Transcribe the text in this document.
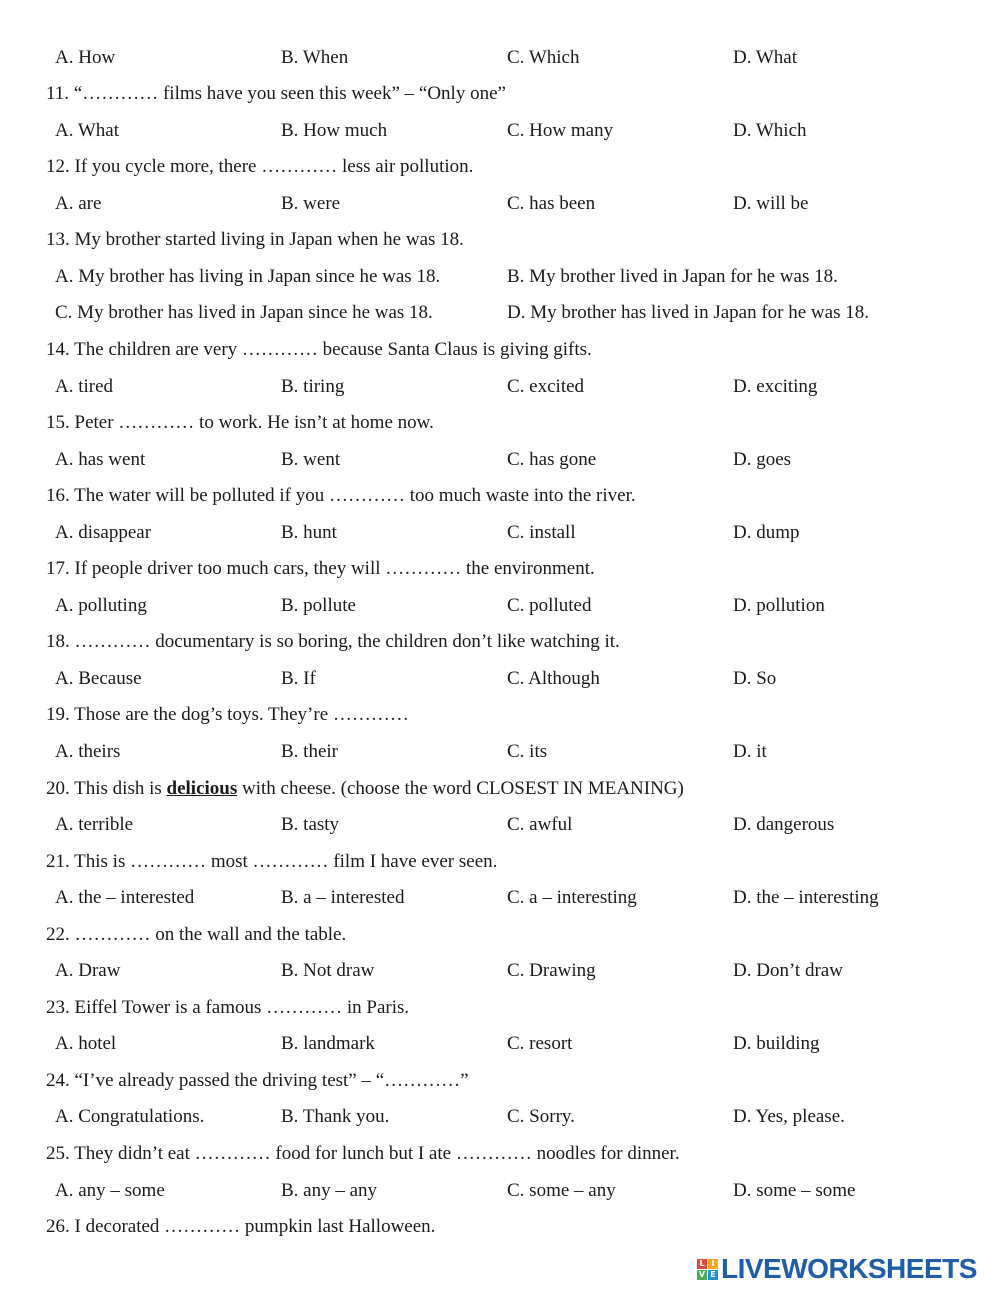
A. How	B. When	C. Which	D. What
11. “………… films have you seen this week” – “Only one”
A. What	B. How much	C. How many	D. Which
12. If you cycle more, there ………… less air pollution.
A. are	B. were	C. has been	D. will be
13. My brother started living in Japan when he was 18.
A. My brother has living in Japan since he was 18.	B. My brother lived in Japan for he was 18.
C. My brother has lived in Japan since he was 18.	D. My brother has lived in Japan for he was 18.
14. The children are very ………… because Santa Claus is giving gifts.
A. tired	B. tiring	C. excited	D. exciting
15. Peter ………… to work. He isn’t at home now.
A. has went	B. went	C. has gone	D. goes
16. The water will be polluted if you ………… too much waste into the river.
A. disappear	B. hunt	C. install	D. dump
17. If people driver too much cars, they will ………… the environment.
A. polluting	B. pollute	C. polluted	D. pollution
18. ………… documentary is so boring, the children don’t like watching it.
A. Because	B. If	C. Although	D. So
19. Those are the dog’s toys. They’re …………
A. theirs	B. their	C. its	D. it
20. This dish is delicious with cheese. (choose the word CLOSEST IN MEANING)
A. terrible	B. tasty	C. awful	D. dangerous
21. This is ………… most ………… film I have ever seen.
A. the – interested	B. a – interested	C. a – interesting	D. the – interesting
22. ………… on the wall and the table.
A. Draw	B. Not draw	C. Drawing	D. Don’t draw
23. Eiffel Tower is a famous ………… in Paris.
A. hotel	B. landmark	C. resort	D. building
24. “I’ve already passed the driving test” – “…………”
A. Congratulations.	B. Thank you.	C. Sorry.	D. Yes, please.
25. They didn’t eat ………… food for lunch but I ate ………… noodles for dinner.
A. any – some	B. any – any	C. some – any	D. some – some
26. I decorated ………… pumpkin last Halloween.
L I
V E LIVEWORKSHEETS
